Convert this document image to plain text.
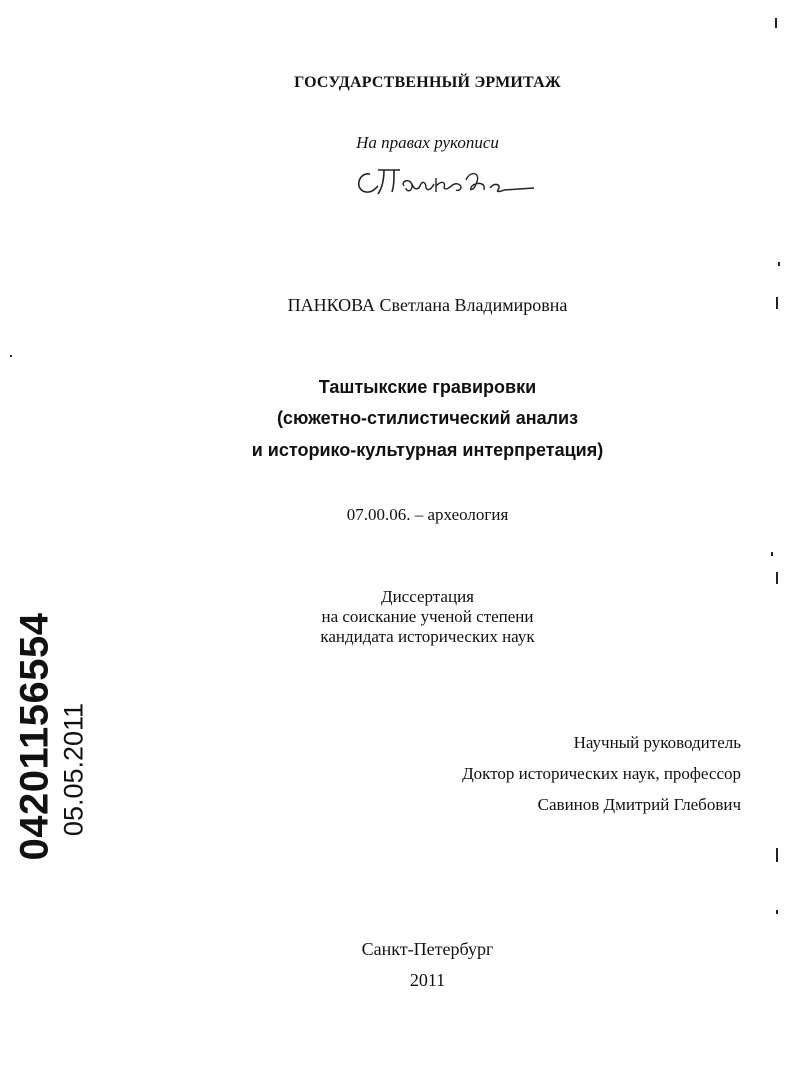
ГОСУДАРСТВЕННЫЙ ЭРМИТАЖ
На правах рукописи
ПАНКОВА Светлана Владимировна
Таштыкские гравировки
(сюжетно-стилистический анализ
и историко-культурная интерпретация)
07.00.06. – археология
Диссертация
на соискание ученой степени
кандидата исторических наук
Научный руководитель
Доктор исторических наук, профессор
Савинов Дмитрий Глебович
Санкт-Петербург
2011
04201156554 05.05.2011
